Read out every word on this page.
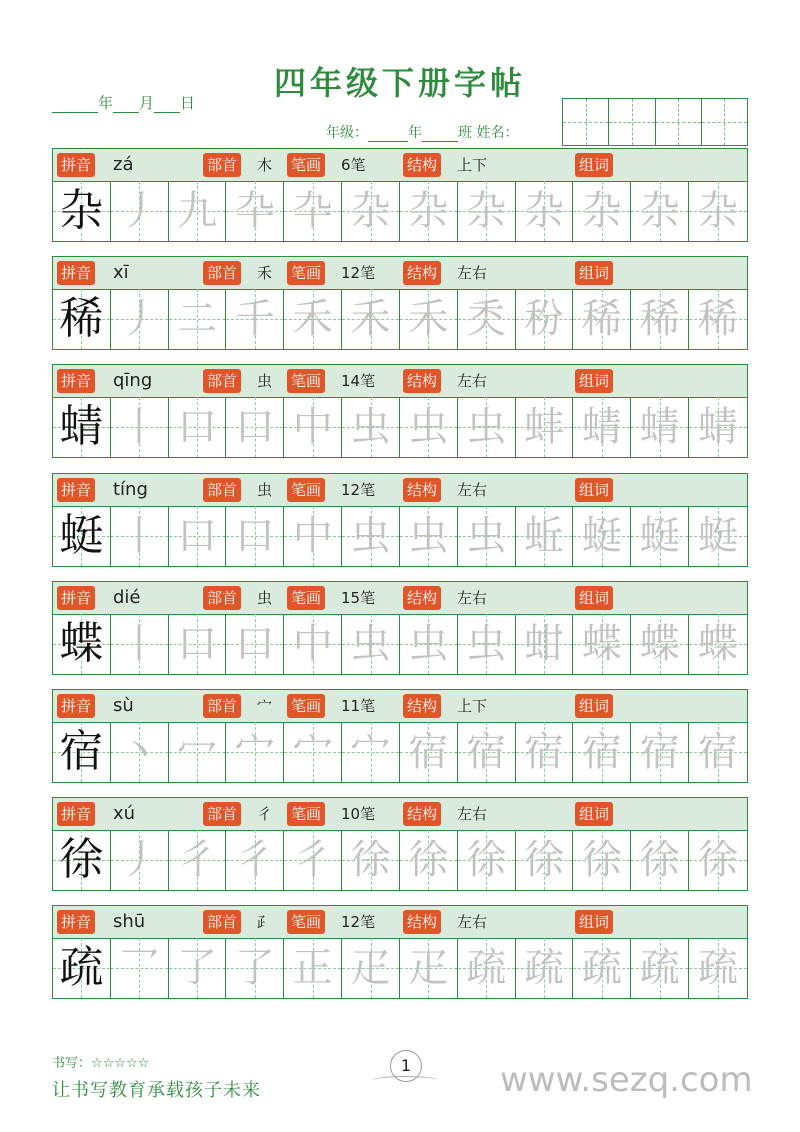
四年级下册字帖
年 月 日
年级：	年	班 姓名：
拼音 zá	部首 木 笔画 6笔	结构 上下	组词
杂 丿 九 卆 卆 杂 杂 杂 杂 杂 杂 杂
拼音 xī	部首 禾 笔画 12笔 结构 左右	组词
稀 丿 二 千 禾 禾 禾 秂 秎 稀 稀 稀
拼音 qīng	部首 虫 笔画 14笔 结构 左右	组词
蜻 丨 口 口 中 虫 虫 虫 蚌 蜻 蜻 蜻
拼音 tíng	部首 虫 笔画 12笔 结构 左右	组词
蜓 丨 口 口 中 虫 虫 虫 蚯 蜓 蜓 蜓
拼音 dié	部首 虫 笔画 15笔 结构 左右	组词
蝶 丨 口 口 中 虫 虫 虫 蚶 蝶 蝶 蝶
拼音 sù	部首 宀 笔画 11笔 结构 上下	组词
宿 丶 冖 宀 宀 宀 宿 宿 宿 宿 宿 宿
拼音 xú	部首 彳 笔画 10笔 结构 左右	组词
徐 丿 彳 彳 彳 徐 徐 徐 徐 徐 徐 徐
拼音 shū	部首 ⺪ 笔画 12笔 结构 左右	组词
疏 乛 了 了 正 疋 疋 疏 疏 疏 疏 疏
书写：☆☆☆☆☆
让书写教育承载孩子未来
1	www.sezq.com
